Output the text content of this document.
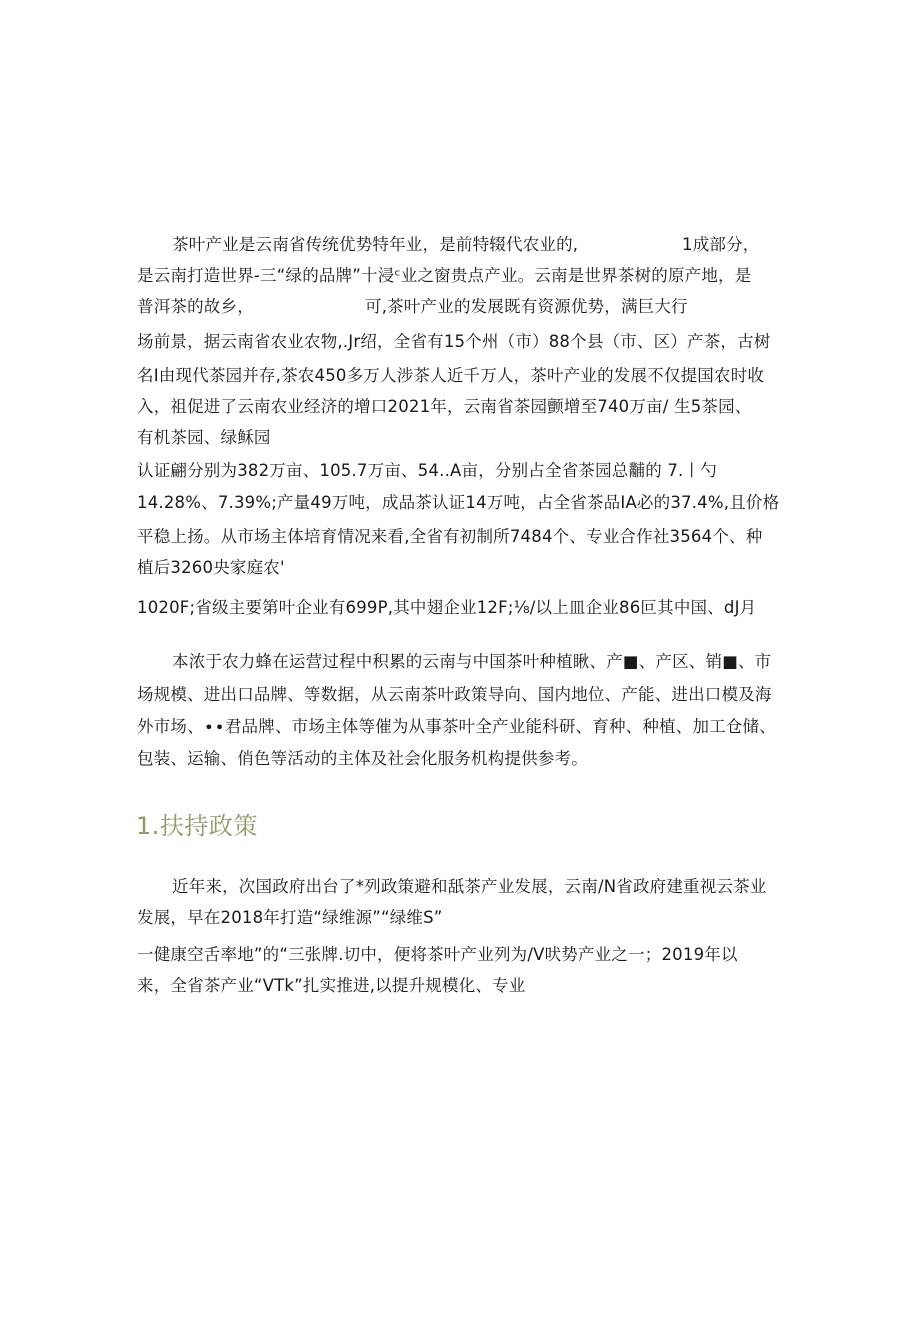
茶叶产业是云南省传统优势特年业，是前特辍代农业的,	1成部分，
是云南打造世界-三“绿的品牌”十浸ᶜ业之窗贵点产业。云南是世界茶树的原产地，是
普洱茶的故乡，	可,茶叶产业的发展既有资源优势，满巨大行
场前景，据云南省农业农物,.Jr绍，全省有15个州（市）88个县（市、区）产茶，古树
名I由现代茶园并存,茶农450多万人涉茶人近千万人，茶叶产业的发展不仅提国农时收
入，祖促进了云南农业经济的增口2021年，云南省茶园颤增至740万亩/ 生5茶园、
有机茶园、绿稣园
认证翩分别为382万亩、105.7万亩、54..A亩，分别占全省茶园总黼的 7.丨勺
14.28%、7.39%;产量49万吨，成品茶认证14万吨，占全省茶品IA必的37.4%,且价格
平稳上扬。从市场主体培育情况来看,全省有初制所7484个、专业合作社3564个、种
植后3260央家庭农'
1020F;省级主要第叶企业有699P,其中翅企业12F;⅛/以上皿企业86叵其中国、dJ月
本浓于农力蜂在运营过程中积累的云南与中国茶叶种植瞅、产■、产区、销■、市
场规模、进出口品牌、等数据，从云南茶叶政策导向、国内地位、产能、进出口模及海
外市场、∙∙君品牌、市场主体等催为从事茶叶全产业能科研、育种、种植、加工仓储、
包装、运输、俏色等活动的主体及社会化服务机构提供参考。
1.扶持政策
近年来，次国政府出台了*列政策避和舐茶产业发展，云南/N省政府建重视云茶业
发展，早在2018年打造“绿维源”“绿维S”
一健康空舌率地”的“三张牌.切中，便将茶叶产业列为/V吠势产业之一；2019年以
来，全省茶产业“VTk”扎实推进,以提升规模化、专业
